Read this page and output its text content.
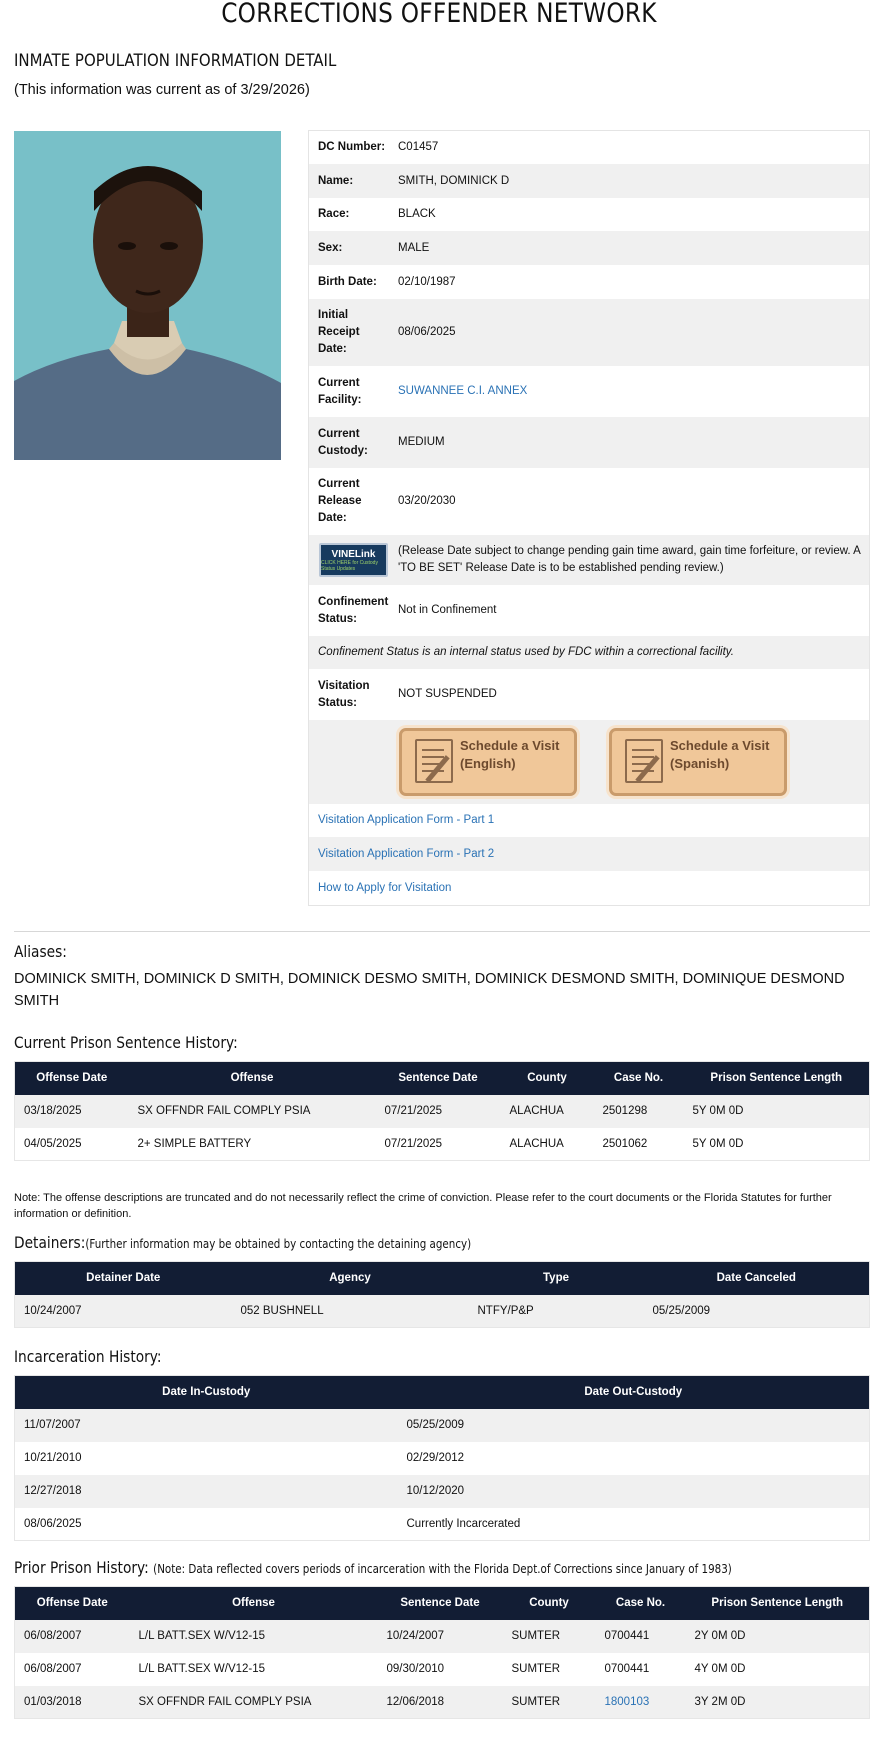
CORRECTIONS OFFENDER NETWORK
INMATE POPULATION INFORMATION DETAIL
(This information was current as of 3/29/2026)
DC Number:	C01457
Name:	SMITH, DOMINICK D
Race:	BLACK
Sex:	MALE
Birth Date:	02/10/1987
Initial Receipt Date:
08/06/2025
Current Facility:
SUWANNEE C.I. ANNEX
Current Custody:
MEDIUM
Current Release Date:
03/20/2030
VINELink
CLICK HERE for Custody Status Updates
(Release Date subject to change pending gain time award, gain time forfeiture, or review. A 'TO BE SET' Release Date is to be established pending review.)
Confinement Status:
Not in Confinement
Confinement Status is an internal status used by FDC within a correctional facility.
Visitation Status:
NOT SUSPENDED
Schedule a Visit (English)
Schedule a Visit (Spanish)
Visitation Application Form - Part 1
Visitation Application Form - Part 2
How to Apply for Visitation
Aliases:
DOMINICK SMITH, DOMINICK D SMITH, DOMINICK DESMO SMITH, DOMINICK DESMOND SMITH, DOMINIQUE DESMOND SMITH
Current Prison Sentence History:
Offense Date	Offense	Sentence Date	County	Case No.	Prison Sentence Length
03/18/2025	SX OFFNDR FAIL COMPLY PSIA	07/21/2025	ALACHUA	2501298	5Y 0M 0D
04/05/2025	2+ SIMPLE BATTERY	07/21/2025	ALACHUA	2501062	5Y 0M 0D
Note: The offense descriptions are truncated and do not necessarily reflect the crime of conviction. Please refer to the court documents or the Florida Statutes for further information or definition.
Detainers:(Further information may be obtained by contacting the detaining agency)
Detainer Date	Agency	Type	Date Canceled
10/24/2007	052 BUSHNELL	NTFY/P&P	05/25/2009
Incarceration History:
Date In-Custody	Date Out-Custody
11/07/2007	05/25/2009
10/21/2010	02/29/2012
12/27/2018	10/12/2020
08/06/2025	Currently Incarcerated
Prior Prison History: (Note: Data reflected covers periods of incarceration with the Florida Dept.of Corrections since January of 1983)
Offense Date	Offense	Sentence Date	County	Case No.	Prison Sentence Length
06/08/2007	L/L BATT.SEX W/V12-15	10/24/2007	SUMTER	0700441	2Y 0M 0D
06/08/2007	L/L BATT.SEX W/V12-15	09/30/2010	SUMTER	0700441	4Y 0M 0D
01/03/2018	SX OFFNDR FAIL COMPLY PSIA	12/06/2018	SUMTER	1800103	3Y 2M 0D
